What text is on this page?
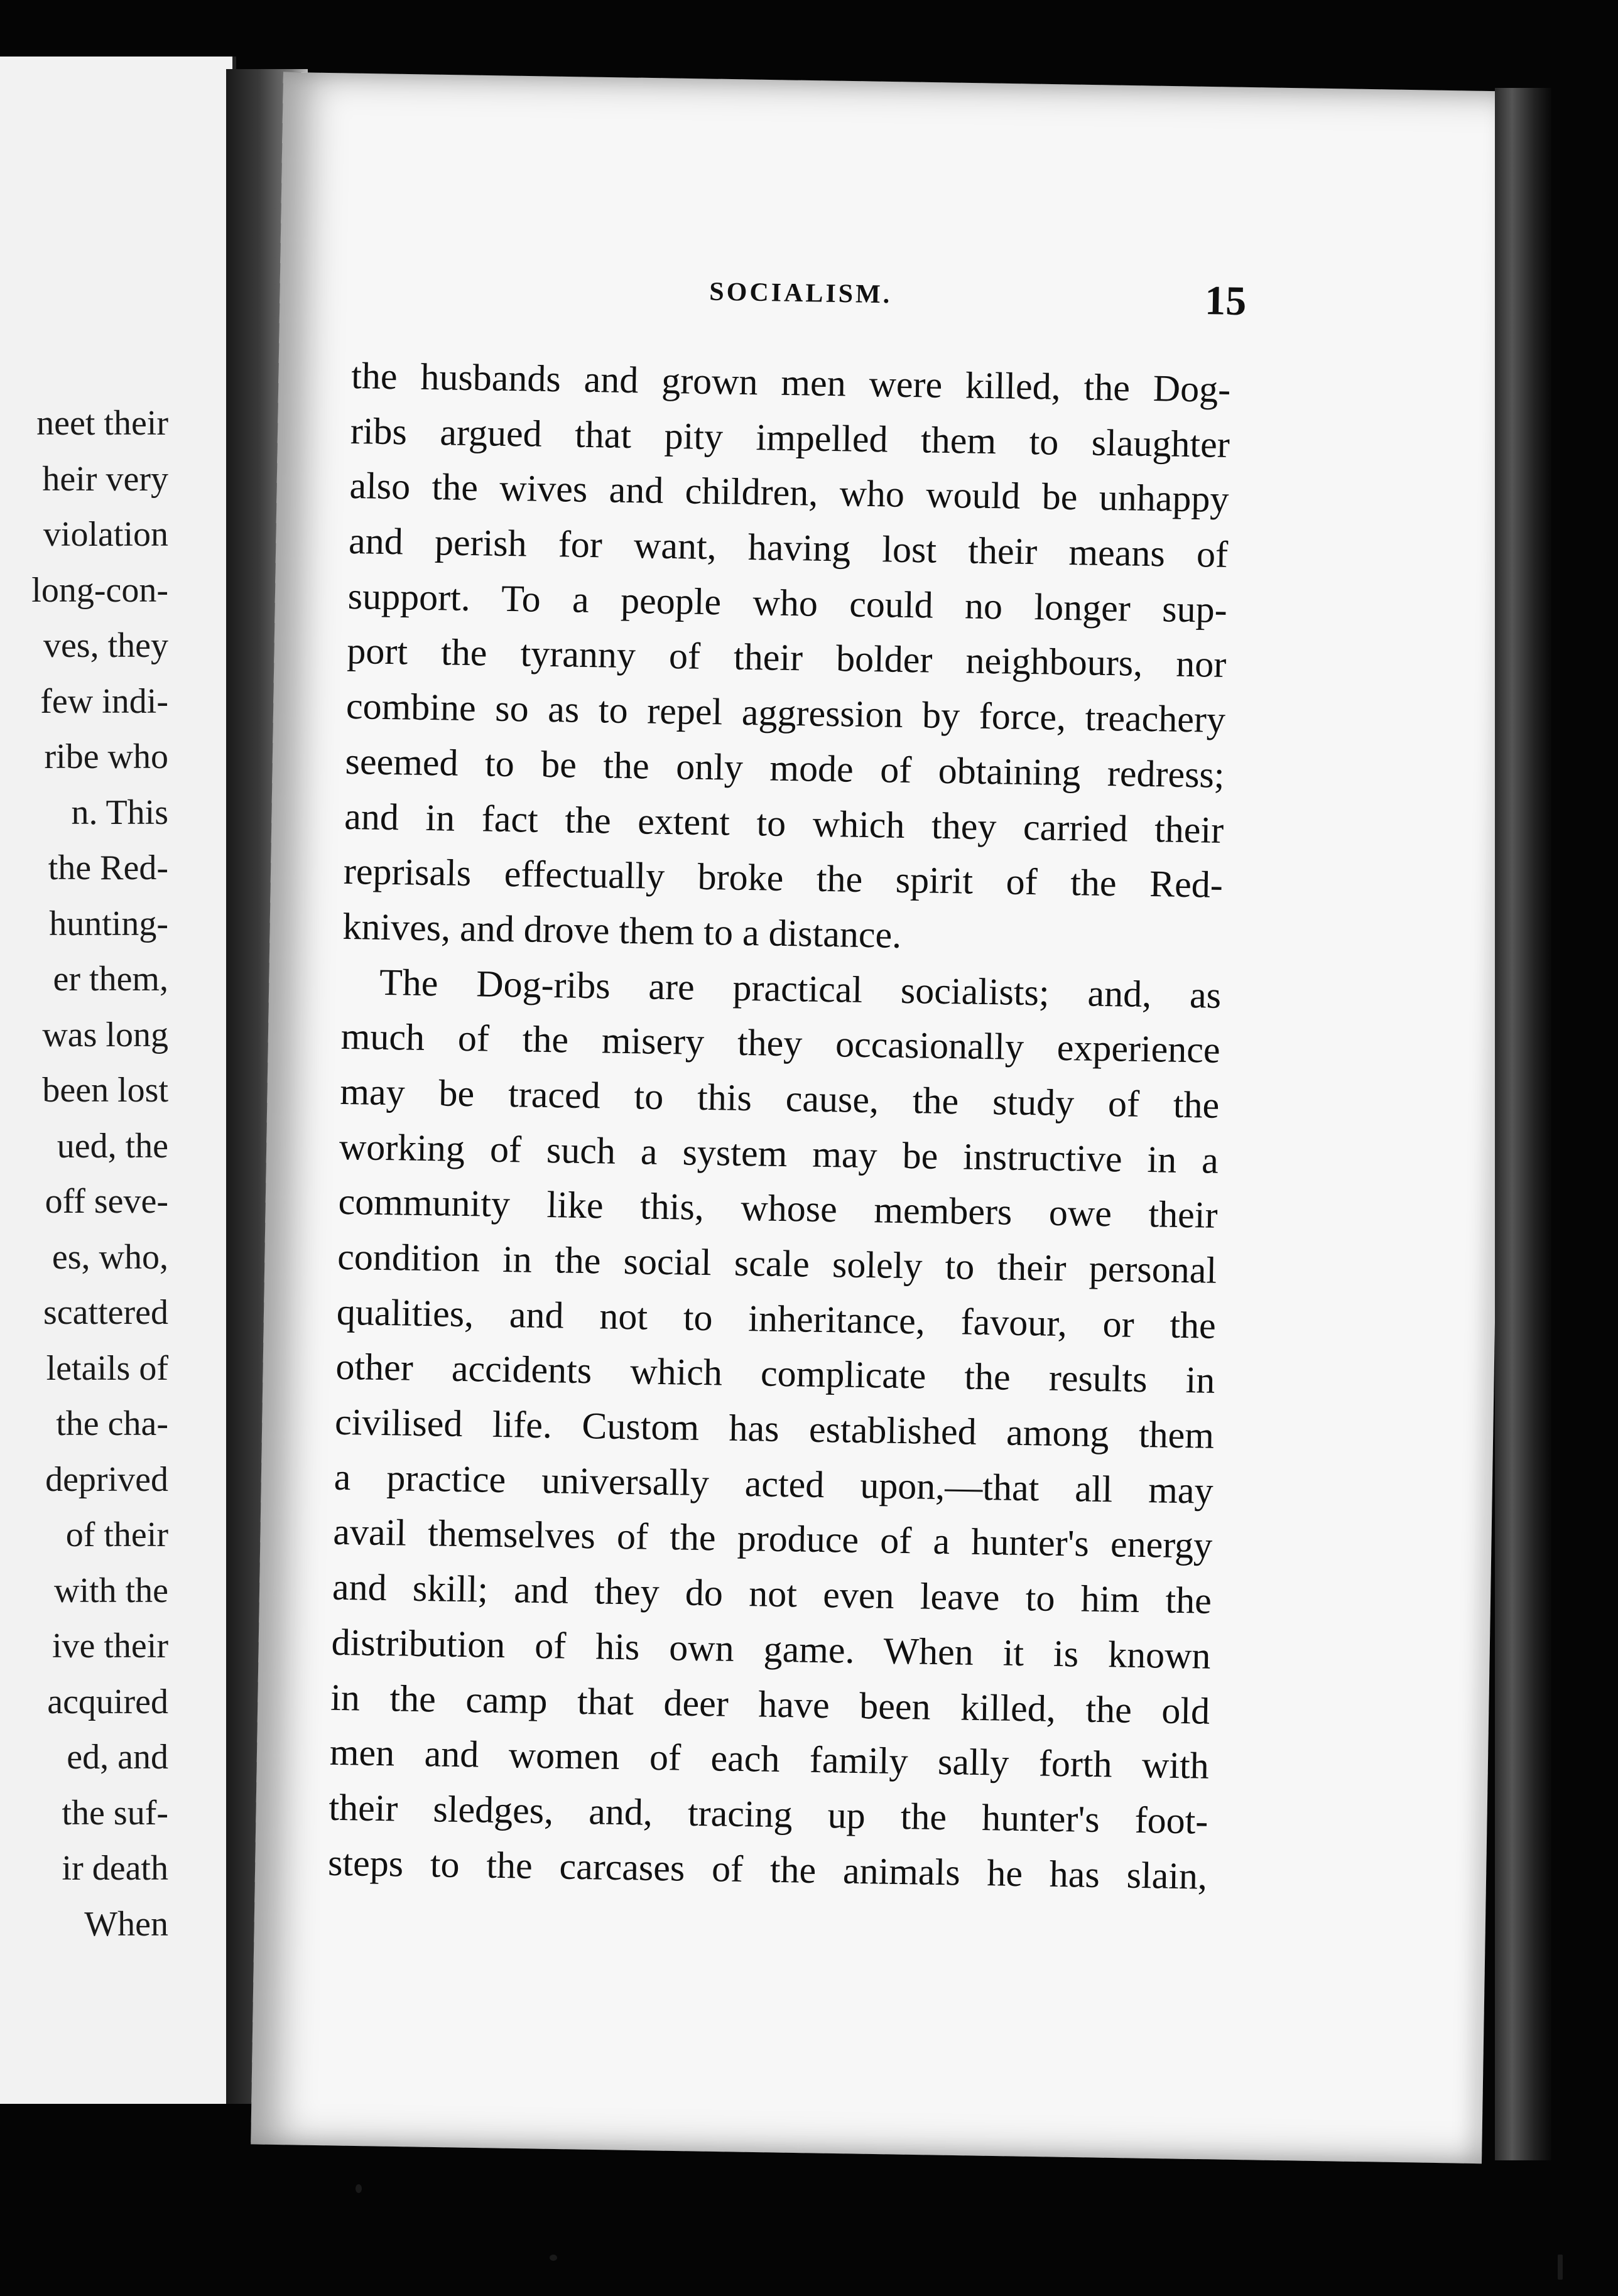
neet their
heir very
violation
long-con-
ves, they
few indi-
ribe who
n. This
the Red-
hunting-
er them,
was long
been lost
ued, the
off seve-
es, who,
scattered
letails of
the cha-
deprived
of their
with the
ive their
acquired
ed, and
the suf-
ir death
When
SOCIALISM.	15
the husbands and grown men were killed, the Dog-
ribs argued that pity impelled them to slaughter
also the wives and children, who would be unhappy
and perish for want, having lost their means of
support. To a people who could no longer sup-
port the tyranny of their bolder neighbours, nor
combine so as to repel aggression by force, treachery
seemed to be the only mode of obtaining redress;
and in fact the extent to which they carried their
reprisals effectually broke the spirit of the Red-
knives, and drove them to a distance.
The Dog-ribs are practical socialists; and, as
much of the misery they occasionally experience
may be traced to this cause, the study of the
working of such a system may be instructive in a
community like this, whose members owe their
condition in the social scale solely to their personal
qualities, and not to inheritance, favour, or the
other accidents which complicate the results in
civilised life. Custom has established among them
a practice universally acted upon,—that all may
avail themselves of the produce of a hunter's energy
and skill; and they do not even leave to him the
distribution of his own game. When it is known
in the camp that deer have been killed, the old
men and women of each family sally forth with
their sledges, and, tracing up the hunter's foot-
steps to the carcases of the animals he has slain,
